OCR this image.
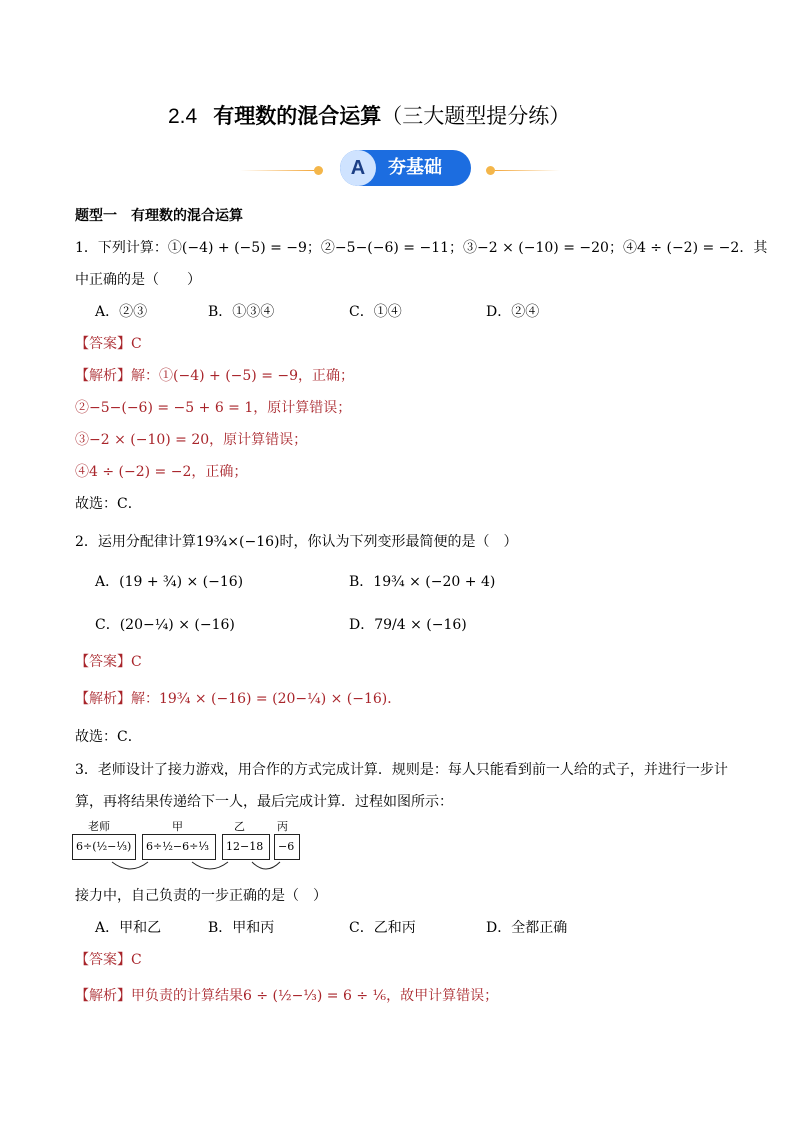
2.4 有理数的混合运算（三大题型提分练）
A	夯基础
题型一　有理数的混合运算
1．下列计算：①(−4) + (−5) = −9；②−5−(−6) = −11；③−2 × (−10) = −20；④4 ÷ (−2) = −2．其
中正确的是（　　）
A．②③	B．①③④	C．①④	D．②④
【答案】C
【解析】解：①(−4) + (−5) = −9，正确；
②−5−(−6) = −5 + 6 = 1，原计算错误；
③−2 × (−10) = 20，原计算错误；
④4 ÷ (−2) = −2，正确；
故选：C．
2．运用分配律计算19¾×(−16)时，你认为下列变形最简便的是（　）
A．(19 + ¾) × (−16)	B．19¾ × (−20 + 4)
C．(20−¼) × (−16)	D．79/4 × (−16)
【答案】C
【解析】解：19¾ × (−16) = (20−¼) × (−16)．
故选：C．
3．老师设计了接力游戏，用合作的方式完成计算．规则是：每人只能看到前一人给的式子，并进行一步计
算，再将结果传递给下一人，最后完成计算．过程如图所示：
老师
6÷(½−⅓)
甲
6÷½−6÷⅓
乙
12−18
丙
−6
接力中，自己负责的一步正确的是（　）
A．甲和乙	B．甲和丙	C．乙和丙	D．全都正确
【答案】C
【解析】甲负责的计算结果6 ÷ (½−⅓) = 6 ÷ ⅙，故甲计算错误；
